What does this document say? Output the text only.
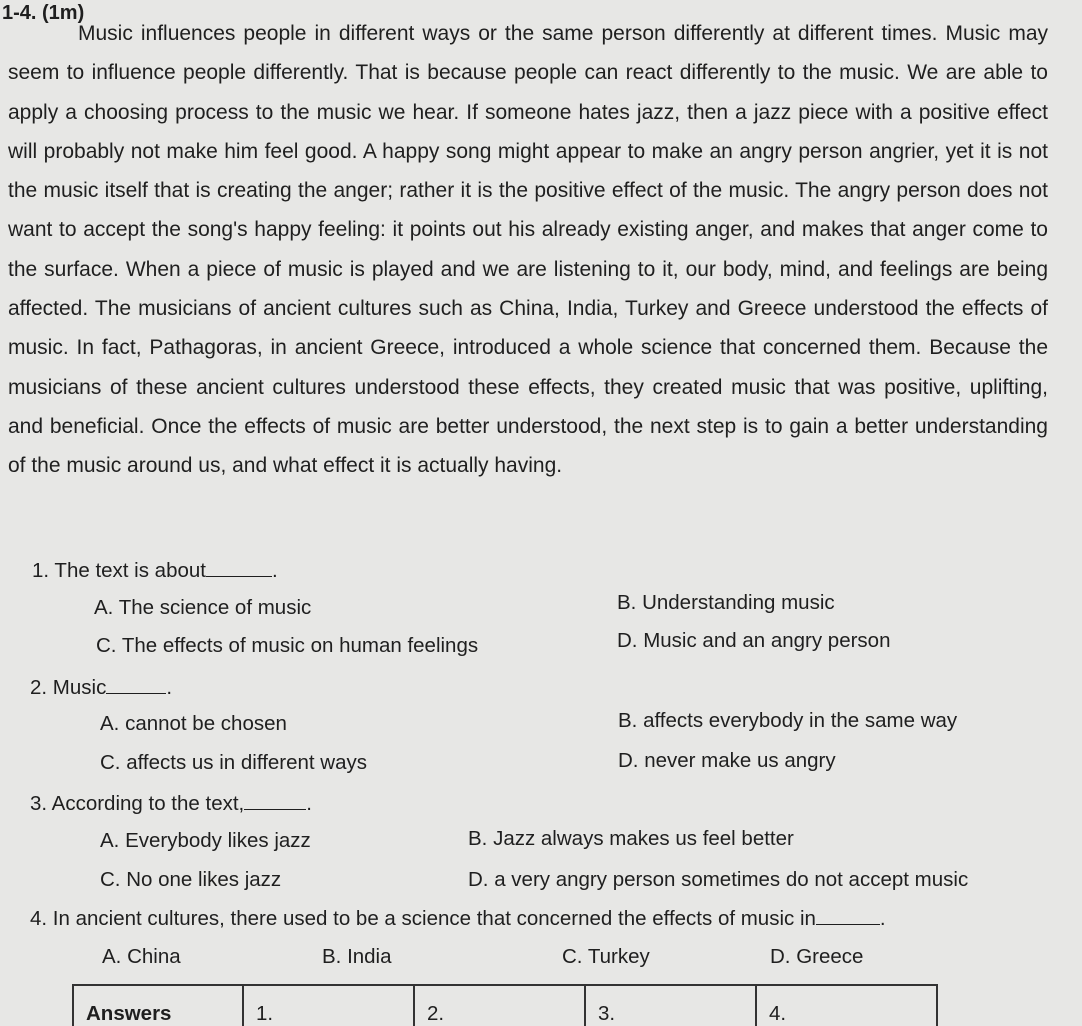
1-4. (1m)

Music influences people in different ways or the same person differently at different times. Music may seem to influence people differently. That is because people can react differently to the music. We are able to apply a choosing process to the music we hear. If someone hates jazz, then a jazz piece with a positive effect will probably not make him feel good. A happy song might appear to make an angry person angrier, yet it is not the music itself that is creating the anger; rather it is the positive effect of the music. The angry person does not want to accept the song's happy feeling: it points out his already existing anger, and makes that anger come to the surface. When a piece of music is played and we are listening to it, our body, mind, and feelings are being affected. The musicians of ancient cultures such as China, India, Turkey and Greece understood the effects of music. In fact, Pathagoras, in ancient Greece, introduced a whole science that concerned them. Because the musicians of these ancient cultures understood these effects, they created music that was positive, uplifting, and beneficial. Once the effects of music are better understood, the next step is to gain a better understanding of the music around us, and what effect it is actually having.

1. The text is about	.
A. The science of music	B. Understanding music
C. The effects of music on human feelings	D. Music and an angry person
2. Music	.
A. cannot be chosen	B. affects everybody in the same way
C. affects us in different ways	D. never make us angry
3. According to the text,	.
A. Everybody likes jazz	B. Jazz always makes us feel better
C. No one likes jazz	D. a very angry person sometimes do not accept music
4. In ancient cultures, there used to be a science that concerned the effects of music in	.
A. China	B. India	C. Turkey	D. Greece
Answers	1.	2.	3.	4.
